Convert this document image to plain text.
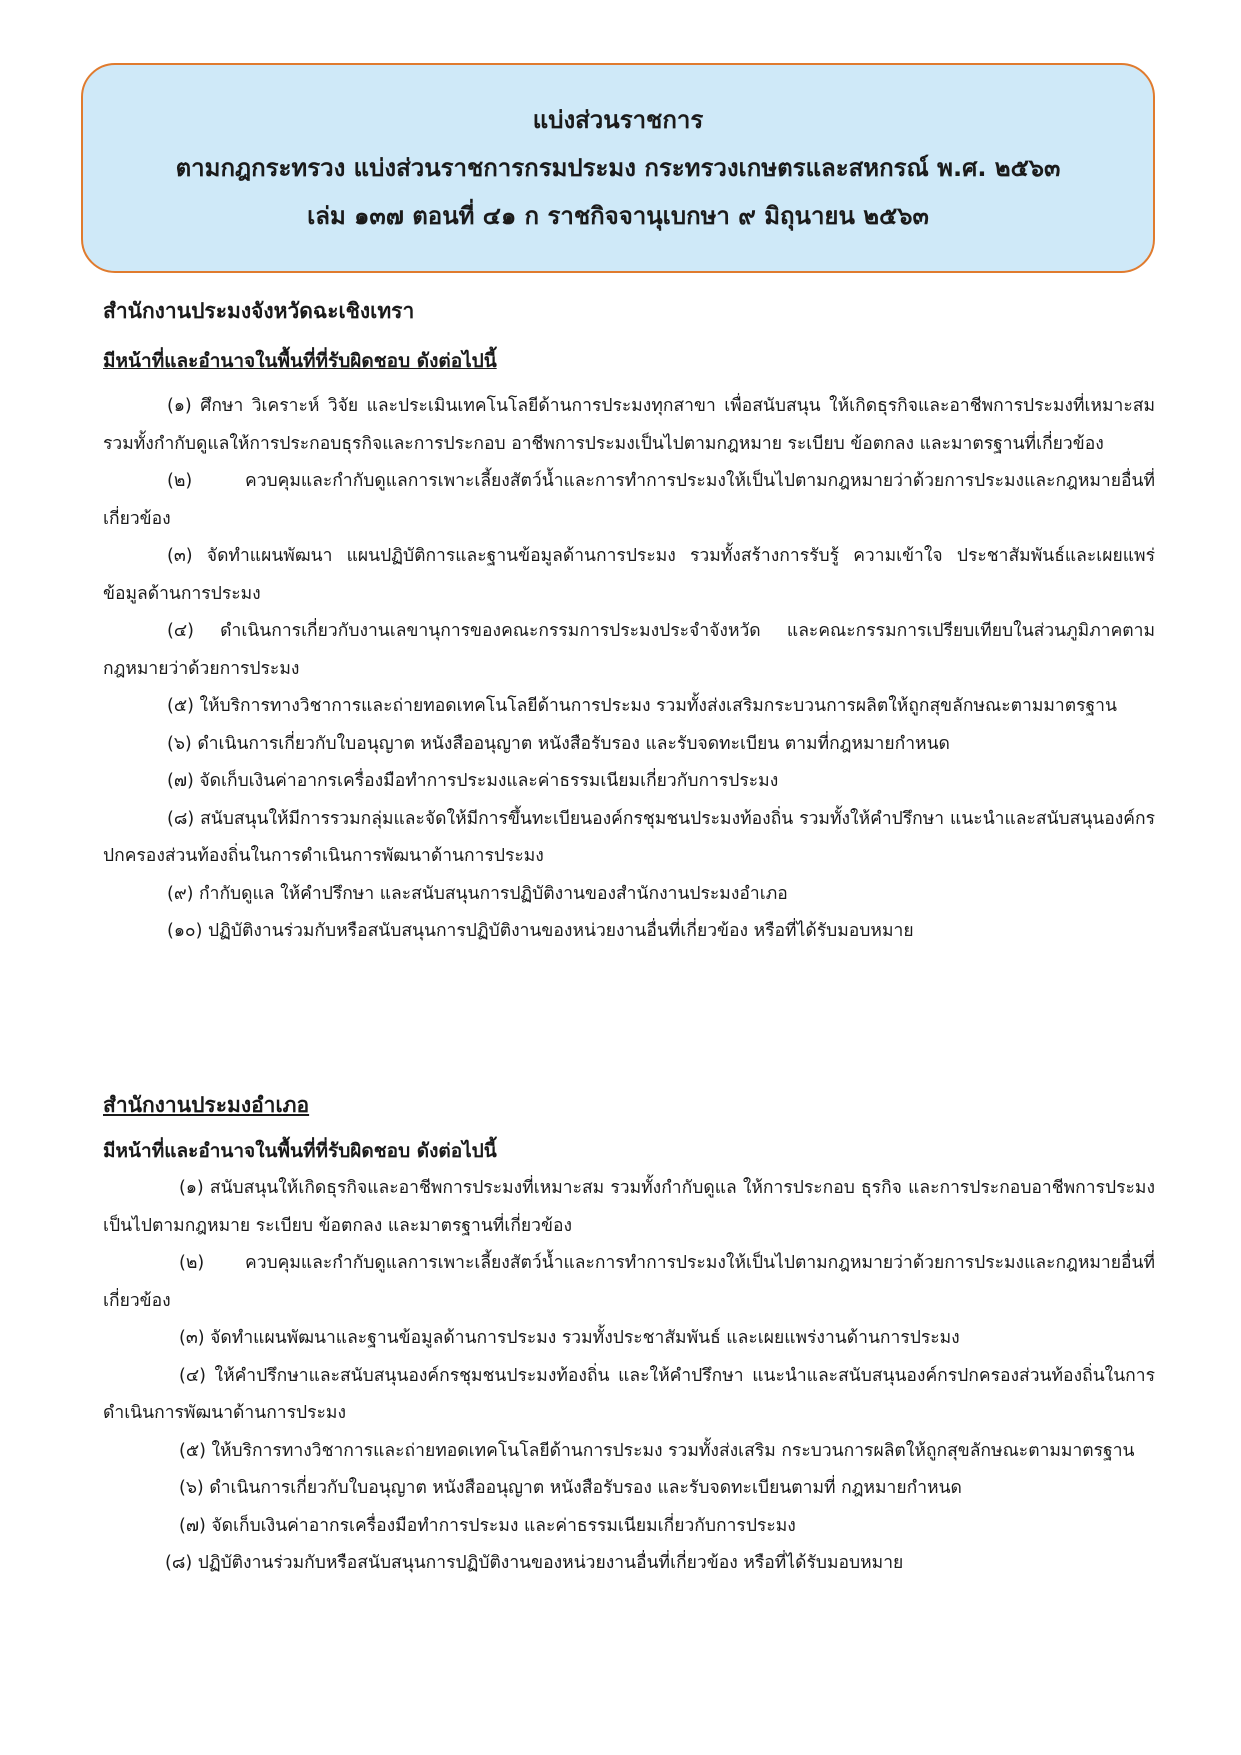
แบ่งส่วนราชการ
ตามกฎกระทรวง แบ่งส่วนราชการกรมประมง กระทรวงเกษตรและสหกรณ์ พ.ศ. ๒๕๖๓
เล่ม ๑๓๗ ตอนที่ ๔๑ ก ราชกิจจานุเบกษา ๙ มิถุนายน ๒๕๖๓
สำนักงานประมงจังหวัดฉะเชิงเทรา
มีหน้าที่และอำนาจในพื้นที่ที่รับผิดชอบ ดังต่อไปนี้

(๑) ศึกษา วิเคราะห์ วิจัย และประเมินเทคโนโลยีด้านการประมงทุกสาขา เพื่อสนับสนุน ให้เกิดธุรกิจและอาชีพการประมงที่เหมาะสม รวมทั้งกำกับดูแลให้การประกอบธุรกิจและการประกอบ อาชีพการประมงเป็นไปตามกฎหมาย ระเบียบ ข้อตกลง และมาตรฐานที่เกี่ยวข้อง

(๒) ควบคุมและกำกับดูแลการเพาะเลี้ยงสัตว์น้ำและการทำการประมงให้เป็นไปตามกฎหมายว่าด้วยการประมงและกฎหมายอื่นที่เกี่ยวข้อง

(๓) จัดทำแผนพัฒนา แผนปฏิบัติการและฐานข้อมูลด้านการประมง รวมทั้งสร้างการรับรู้ ความเข้าใจ ประชาสัมพันธ์และเผยแพร่ข้อมูลด้านการประมง

(๔) ดำเนินการเกี่ยวกับงานเลขานุการของคณะกรรมการประมงประจำจังหวัด และคณะกรรมการเปรียบเทียบในส่วนภูมิภาคตามกฎหมายว่าด้วยการประมง

(๕) ให้บริการทางวิชาการและถ่ายทอดเทคโนโลยีด้านการประมง รวมทั้งส่งเสริมกระบวนการผลิตให้ถูกสุขลักษณะตามมาตรฐาน

(๖) ดำเนินการเกี่ยวกับใบอนุญาต หนังสืออนุญาต หนังสือรับรอง และรับจดทะเบียน ตามที่กฎหมายกำหนด

(๗) จัดเก็บเงินค่าอากรเครื่องมือทำการประมงและค่าธรรมเนียมเกี่ยวกับการประมง

(๘) สนับสนุนให้มีการรวมกลุ่มและจัดให้มีการขึ้นทะเบียนองค์กรชุมชนประมงท้องถิ่น รวมทั้งให้คำปรึกษา แนะนำและสนับสนุนองค์กรปกครองส่วนท้องถิ่นในการดำเนินการพัฒนาด้านการประมง

(๙) กำกับดูแล ให้คำปรึกษา และสนับสนุนการปฏิบัติงานของสำนักงานประมงอำเภอ

(๑๐) ปฏิบัติงานร่วมกับหรือสนับสนุนการปฏิบัติงานของหน่วยงานอื่นที่เกี่ยวข้อง หรือที่ได้รับมอบหมาย

สำนักงานประมงอำเภอ
มีหน้าที่และอำนาจในพื้นที่ที่รับผิดชอบ ดังต่อไปนี้

(๑) สนับสนุนให้เกิดธุรกิจและอาชีพการประมงที่เหมาะสม รวมทั้งกำกับดูแล ให้การประกอบ ธุรกิจ และการประกอบอาชีพการประมงเป็นไปตามกฎหมาย ระเบียบ ข้อตกลง และมาตรฐานที่เกี่ยวข้อง

(๒) ควบคุมและกำกับดูแลการเพาะเลี้ยงสัตว์น้ำและการทำการประมงให้เป็นไปตามกฎหมายว่าด้วยการประมงและกฎหมายอื่นที่เกี่ยวข้อง

(๓) จัดทำแผนพัฒนาและฐานข้อมูลด้านการประมง รวมทั้งประชาสัมพันธ์ และเผยแพร่งานด้านการประมง

(๔) ให้คำปรึกษาและสนับสนุนองค์กรชุมชนประมงท้องถิ่น และให้คำปรึกษา แนะนำและสนับสนุนองค์กรปกครองส่วนท้องถิ่นในการดำเนินการพัฒนาด้านการประมง

(๕) ให้บริการทางวิชาการและถ่ายทอดเทคโนโลยีด้านการประมง รวมทั้งส่งเสริม กระบวนการผลิตให้ถูกสุขลักษณะตามมาตรฐาน

(๖) ดำเนินการเกี่ยวกับใบอนุญาต หนังสืออนุญาต หนังสือรับรอง และรับจดทะเบียนตามที่ กฎหมายกำหนด

(๗) จัดเก็บเงินค่าอากรเครื่องมือทำการประมง และค่าธรรมเนียมเกี่ยวกับการประมง

(๘) ปฏิบัติงานร่วมกับหรือสนับสนุนการปฏิบัติงานของหน่วยงานอื่นที่เกี่ยวข้อง หรือที่ได้รับมอบหมาย
